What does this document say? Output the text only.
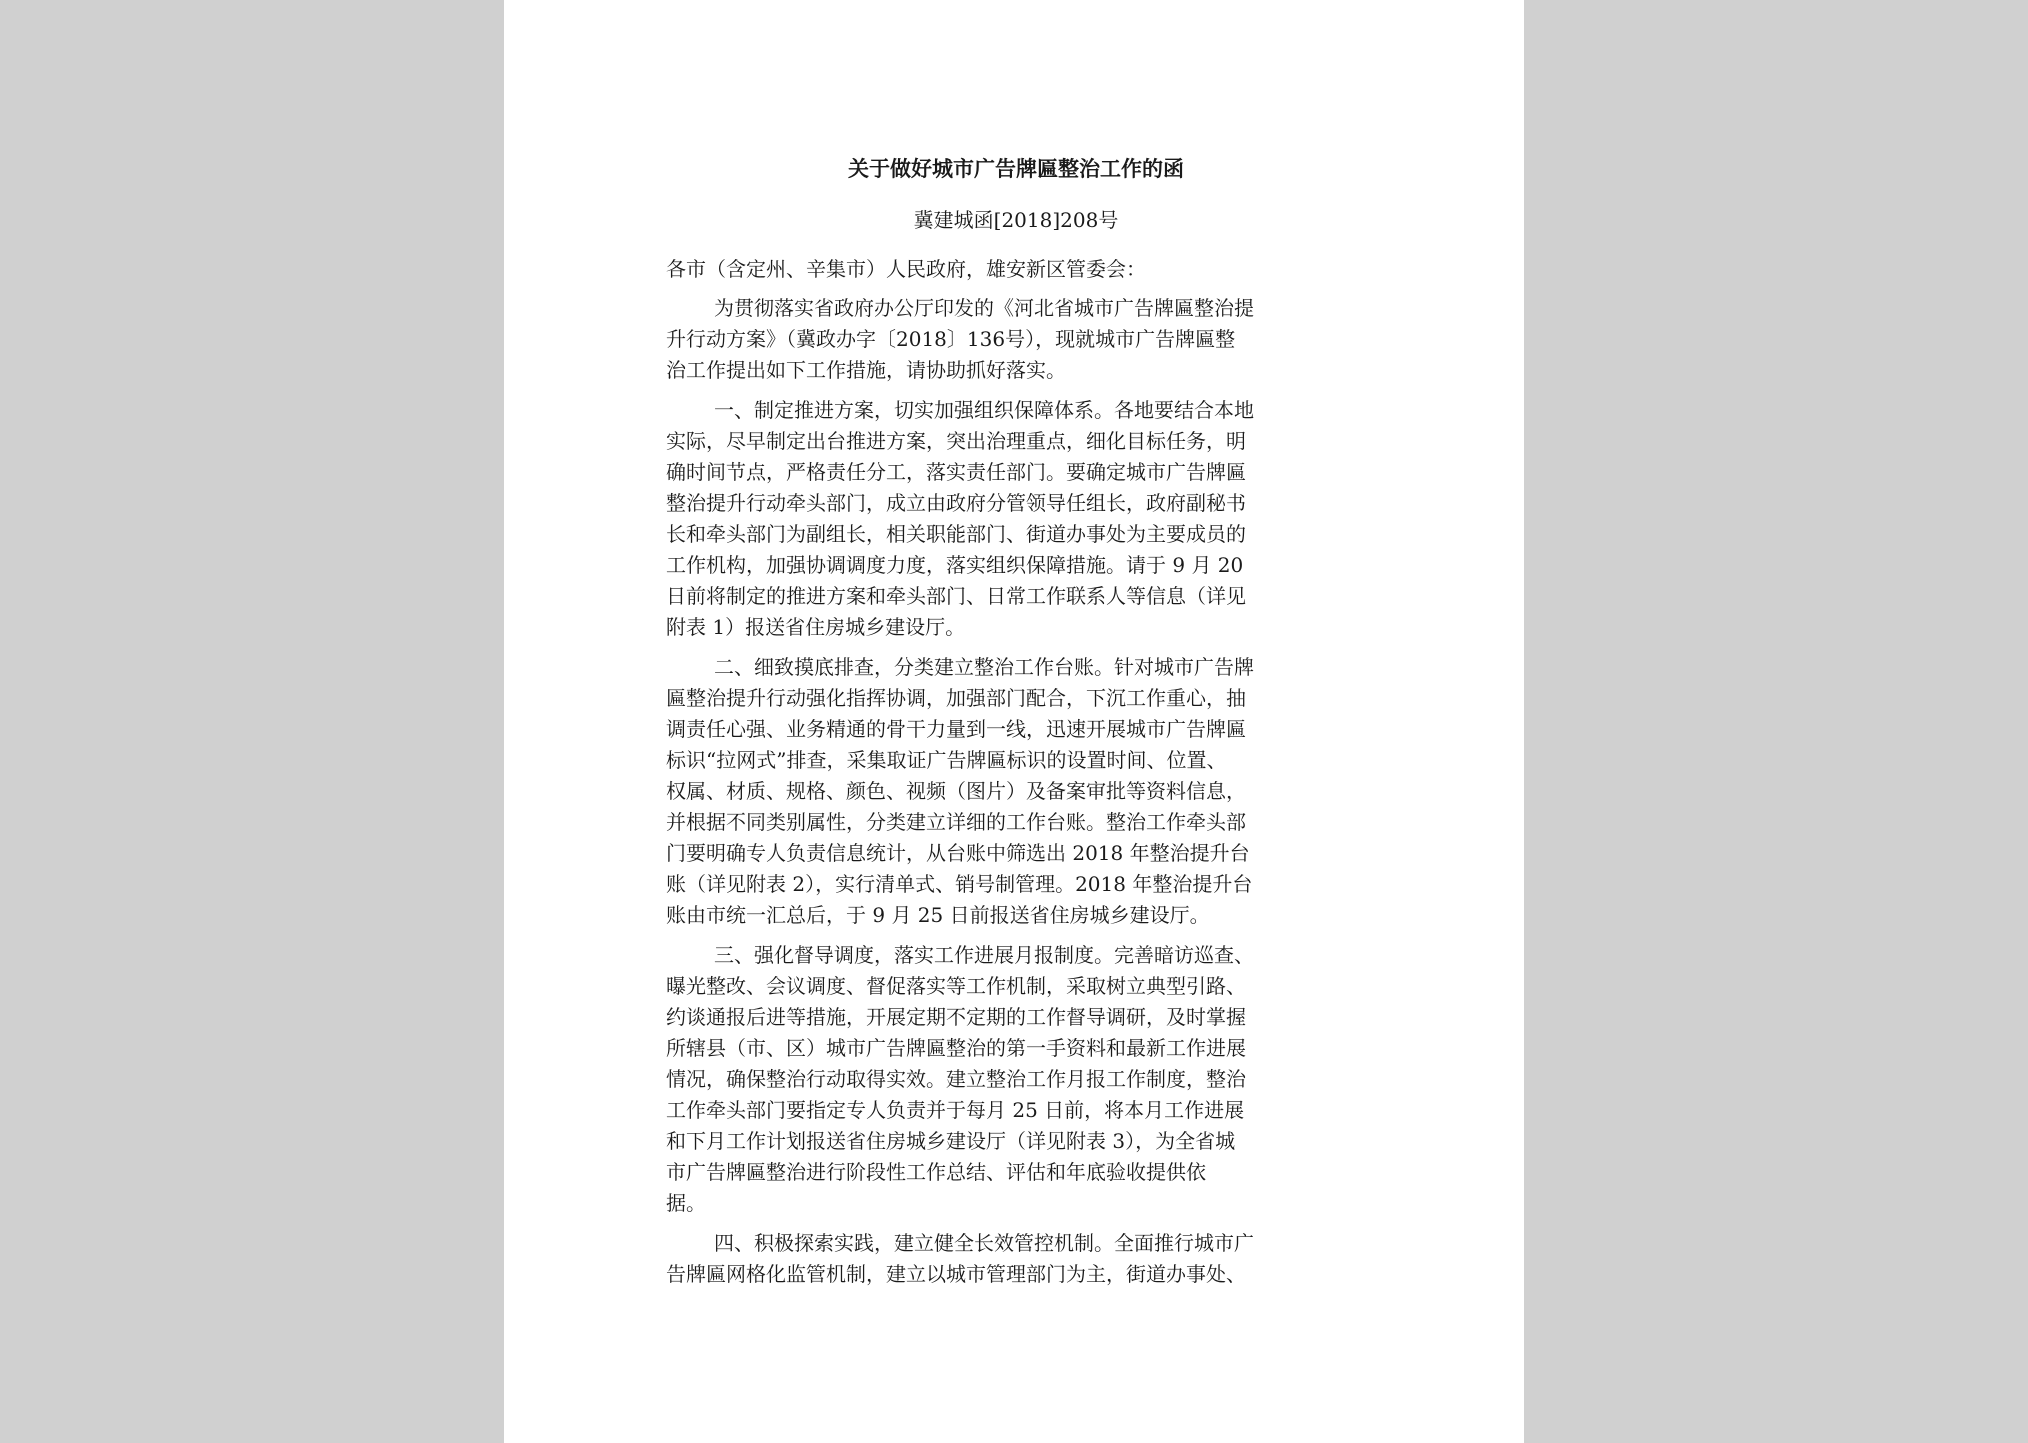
关于做好城市广告牌匾整治工作的函
冀建城函[2018]208号
各市（含定州、辛集市）人民政府，雄安新区管委会：
为贯彻落实省政府办公厅印发的《河北省城市广告牌匾整治提
升行动方案》（冀政办字〔2018〕136号），现就城市广告牌匾整
治工作提出如下工作措施，请协助抓好落实。
一、制定推进方案，切实加强组织保障体系。各地要结合本地
实际，尽早制定出台推进方案，突出治理重点，细化目标任务，明
确时间节点，严格责任分工，落实责任部门。要确定城市广告牌匾
整治提升行动牵头部门，成立由政府分管领导任组长，政府副秘书
长和牵头部门为副组长，相关职能部门、街道办事处为主要成员的
工作机构，加强协调调度力度，落实组织保障措施。请于 9 月 20
日前将制定的推进方案和牵头部门、日常工作联系人等信息（详见
附表 1）报送省住房城乡建设厅。
二、细致摸底排查，分类建立整治工作台账。针对城市广告牌
匾整治提升行动强化指挥协调，加强部门配合，下沉工作重心，抽
调责任心强、业务精通的骨干力量到一线，迅速开展城市广告牌匾
标识“拉网式”排查，采集取证广告牌匾标识的设置时间、位置、
权属、材质、规格、颜色、视频（图片）及备案审批等资料信息，
并根据不同类别属性，分类建立详细的工作台账。整治工作牵头部
门要明确专人负责信息统计，从台账中筛选出 2018 年整治提升台
账（详见附表 2），实行清单式、销号制管理。2018 年整治提升台
账由市统一汇总后，于 9 月 25 日前报送省住房城乡建设厅。
三、强化督导调度，落实工作进展月报制度。完善暗访巡查、
曝光整改、会议调度、督促落实等工作机制，采取树立典型引路、
约谈通报后进等措施，开展定期不定期的工作督导调研，及时掌握
所辖县（市、区）城市广告牌匾整治的第一手资料和最新工作进展
情况，确保整治行动取得实效。建立整治工作月报工作制度，整治
工作牵头部门要指定专人负责并于每月 25 日前，将本月工作进展
和下月工作计划报送省住房城乡建设厅（详见附表 3），为全省城
市广告牌匾整治进行阶段性工作总结、评估和年底验收提供依
据。
四、积极探索实践，建立健全长效管控机制。全面推行城市广
告牌匾网格化监管机制，建立以城市管理部门为主，街道办事处、
